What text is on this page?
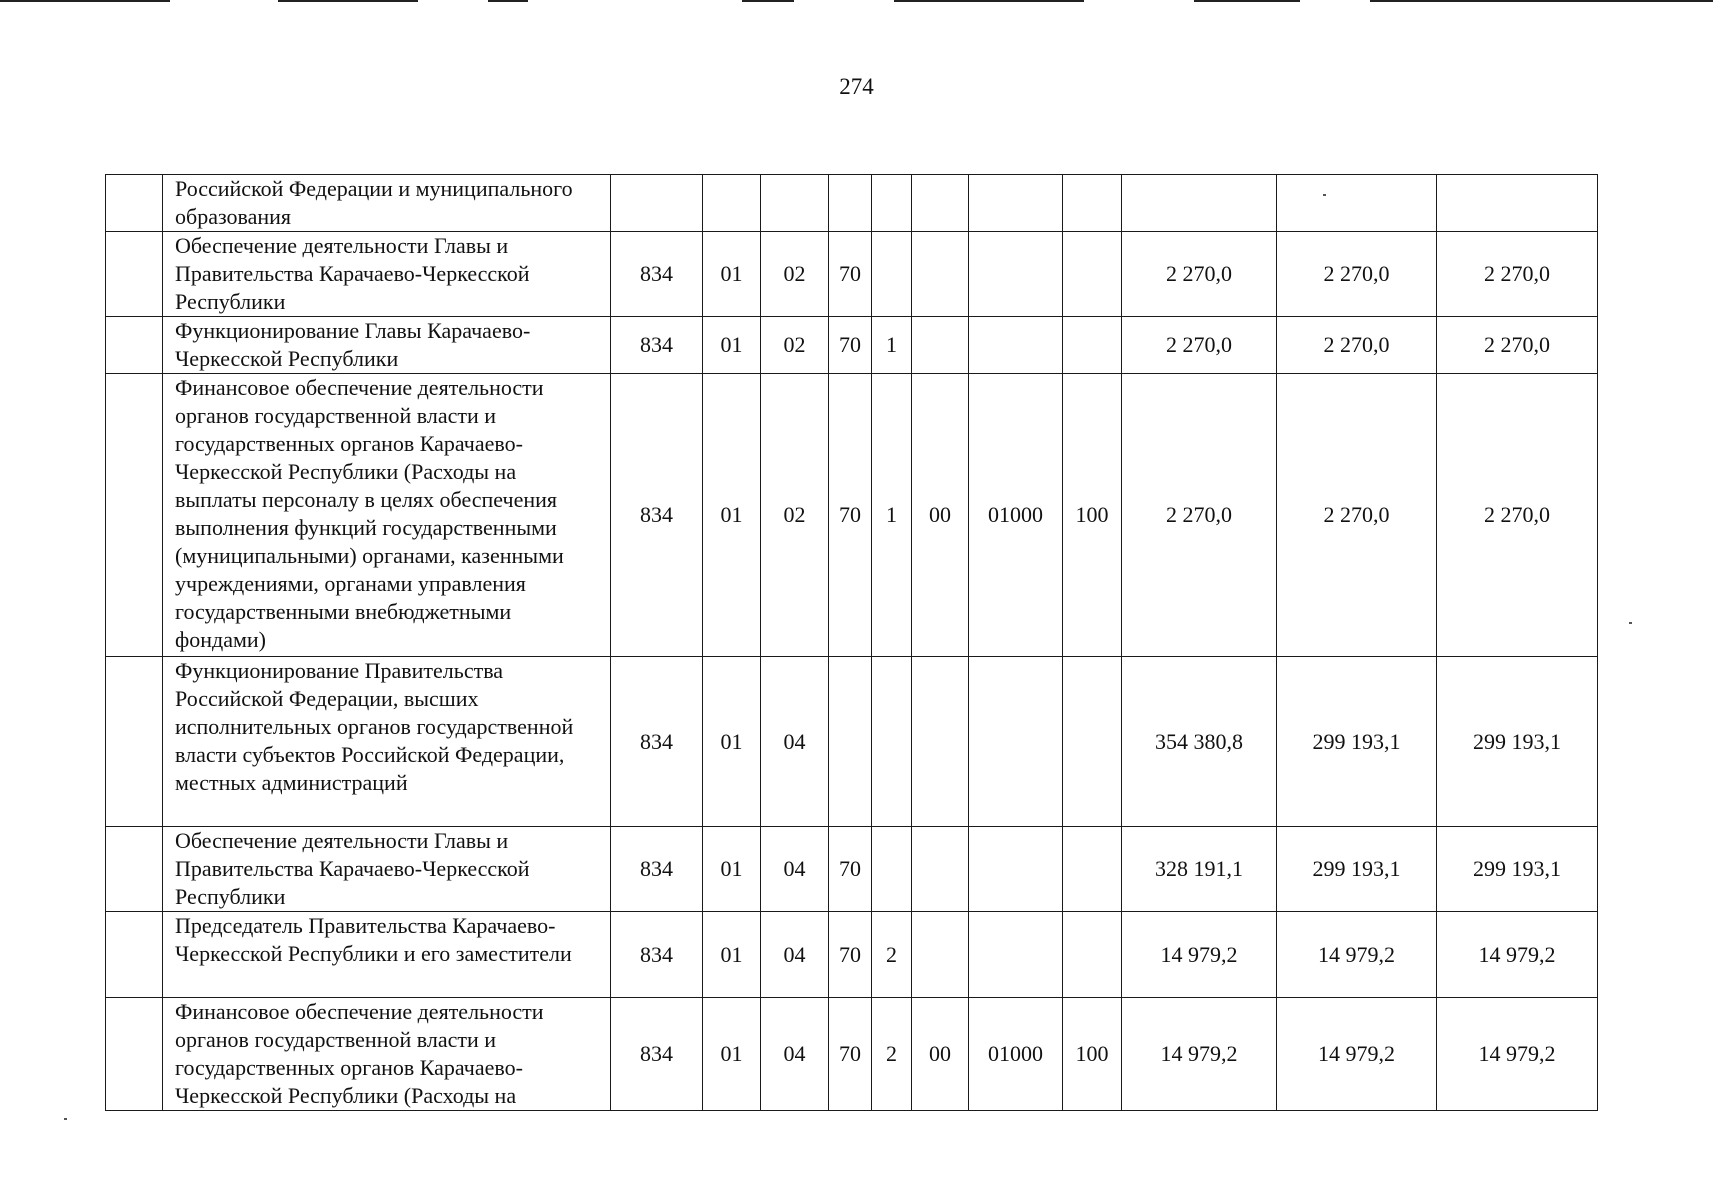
274
	Российской Федерации и муниципального образования											
	Обеспечение деятельности Главы и Правительства Карачаево-Черкесской Республики	834	01	02	70					2 270,0	2 270,0	2 270,0
	Функционирование Главы Карачаево-Черкесской Республики	834	01	02	70	1				2 270,0	2 270,0	2 270,0
	Финансовое обеспечение деятельности органов государственной власти и государственных органов Карачаево-Черкесской Республики (Расходы на выплаты персоналу в целях обеспечения выполнения функций государственными (муниципальными) органами, казенными учреждениями, органами управления государственными внебюджетными фондами)	834	01	02	70	1	00	01000	100	2 270,0	2 270,0	2 270,0
	Функционирование Правительства Российской Федерации, высших исполнительных органов государственной власти субъектов Российской Федерации, местных администраций	834	01	04						354 380,8	299 193,1	299 193,1
	Обеспечение деятельности Главы и Правительства Карачаево-Черкесской Республики	834	01	04	70					328 191,1	299 193,1	299 193,1
	Председатель Правительства Карачаево-Черкесской Республики и его заместители	834	01	04	70	2				14 979,2	14 979,2	14 979,2
	Финансовое обеспечение деятельности органов государственной власти и государственных органов Карачаево-Черкесской Республики (Расходы на	834	01	04	70	2	00	01000	100	14 979,2	14 979,2	14 979,2
